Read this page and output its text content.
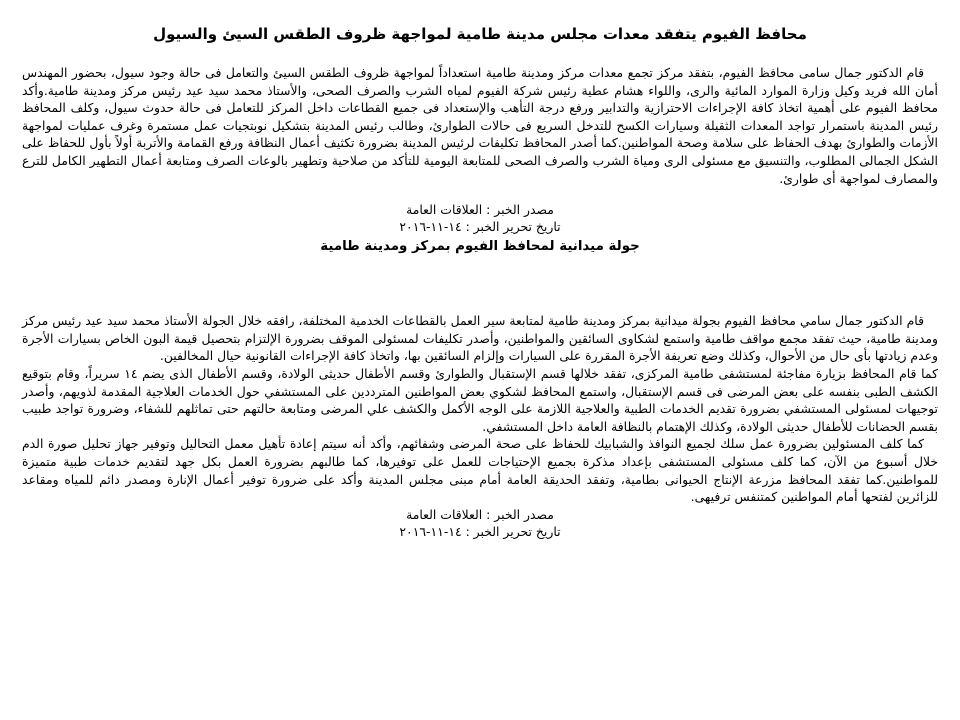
محافظ الفيوم يتفقد معدات مجلس مدينة طامية لمواجهة ظروف الطقس السيئ والسيول

قام الدكتور جمال سامى محافظ الفيوم، بتفقد مركز تجمع معدات مركز ومدينة طامية استعداداً لمواجهة ظروف الطقس السيئ والتعامل فى حالة وجود سيول، بحضور المهندس أمان الله فريد وكيل وزارة الموارد المائية والرى، واللواء هشام عطية رئيس شركة الفيوم لمياه الشرب والصرف الصحى، والأستاذ محمد سيد عيد رئيس مركز ومدينة طامية.وأكد محافظ الفيوم على أهمية اتخاذ كافة الإجراءات الاحترازية والتدابير ورفع درجة التأهب والإستعداد فى جميع القطاعات داخل المركز للتعامل فى حالة حدوث سيول، وكلف المحافظ رئيس المدينة باستمرار تواجد المعدات الثقيلة وسيارات الكسح للتدخل السريع فى حالات الطوارئ، وطالب رئيس المدينة بتشكيل نوبتجيات عمل مستمرة وغرف عمليات لمواجهة الأزمات والطوارئ بهدف الحفاظ على سلامة وصحة المواطنين.كما أصدر المحافظ تكليفات لرئيس المدينة بضرورة تكثيف أعمال النظافة ورفع القمامة والأتربة أولاً بأول للحفاظ على الشكل الجمالى المطلوب، والتنسيق مع مسئولى الرى ومياة الشرب والصرف الصحى للمتابعة اليومية للتأكد من صلاحية وتطهير بالوعات الصرف ومتابعة أعمال التطهير الكامل للترع والمصارف لمواجهة أى طوارئ.

مصدر الخبر : العلاقات العامة

تاريخ تحرير الخبر : ١٤-١١-٢٠١٦

جولة ميدانية لمحافظ الفيوم بمركز ومدينة طامية

قام الدكتور جمال سامي محافظ الفيوم بجولة ميدانية بمركز ومدينة طامية لمتابعة سير العمل بالقطاعات الخدمية المختلفة، رافقه خلال الجولة الأستاذ محمد سيد عيد رئيس مركز ومدينة طامية، حيث تفقد مجمع مواقف طامية واستمع لشكاوى السائقين والمواطنين، وأصدر تكليفات لمسئولى الموقف بضرورة الإلتزام بتحصيل قيمة البون الخاص بسيارات الأجرة وعدم زيادتها بأى حال من الأحوال، وكذلك وضع تعريفة الأجرة المقررة على السيارات وإلزام السائقين بها، واتخاذ كافة الإجراءات القانونية حيال المخالفين.

كما قام المحافظ بزيارة مفاجئة لمستشفى طامية المركزى، تفقد خلالها قسم الإستقبال والطوارئ وقسم الأطفال حديثى الولادة، وقسم الأطفال الذى يضم ١٤ سريراً، وقام بتوقيع الكشف الطبى بنفسه على بعض المرضى فى قسم الإستقبال، واستمع المحافظ لشكوي بعض المواطنين المترددين على المستشفي حول الخدمات العلاجية المقدمة لذويهم، وأصدر توجيهات لمسئولى المستشفي بضرورة تقديم الخدمات الطبية والعلاجية اللازمة على الوجه الأكمل والكشف علي المرضى ومتابعة حالتهم حتى تماثلهم للشفاء، وضرورة تواجد طبيب بقسم الحضانات للأطفال حديثى الولادة، وكذلك الإهتمام بالنظافة العامة داخل المستشفي.

كما كلف المسئولين بضرورة عمل سلك لجميع النوافذ والشبابيك للحفاظ على صحة المرضى وشفائهم، وأكد أنه سيتم إعادة تأهيل معمل التحاليل وتوفير جهاز تحليل صورة الدم خلال أسبوع من الآن، كما كلف مسئولى المستشفى بإعداد مذكرة بجميع الإحتياجات للعمل على توفيرها، كما طالبهم بضرورة العمل بكل جهد لتقديم خدمات طبية متميزة للمواطنين.كما تفقد المحافظ مزرعة الإنتاج الحيوانى بطامية، وتفقد الحديقة العامة أمام مبنى مجلس المدينة وأكد على ضرورة توفير أعمال الإنارة ومصدر دائم للمياه ومقاعد للزائرين لفتحها أمام المواطنين كمتنفس ترفيهى.

مصدر الخبر : العلاقات العامة

تاريخ تحرير الخبر : ١٤-١١-٢٠١٦
